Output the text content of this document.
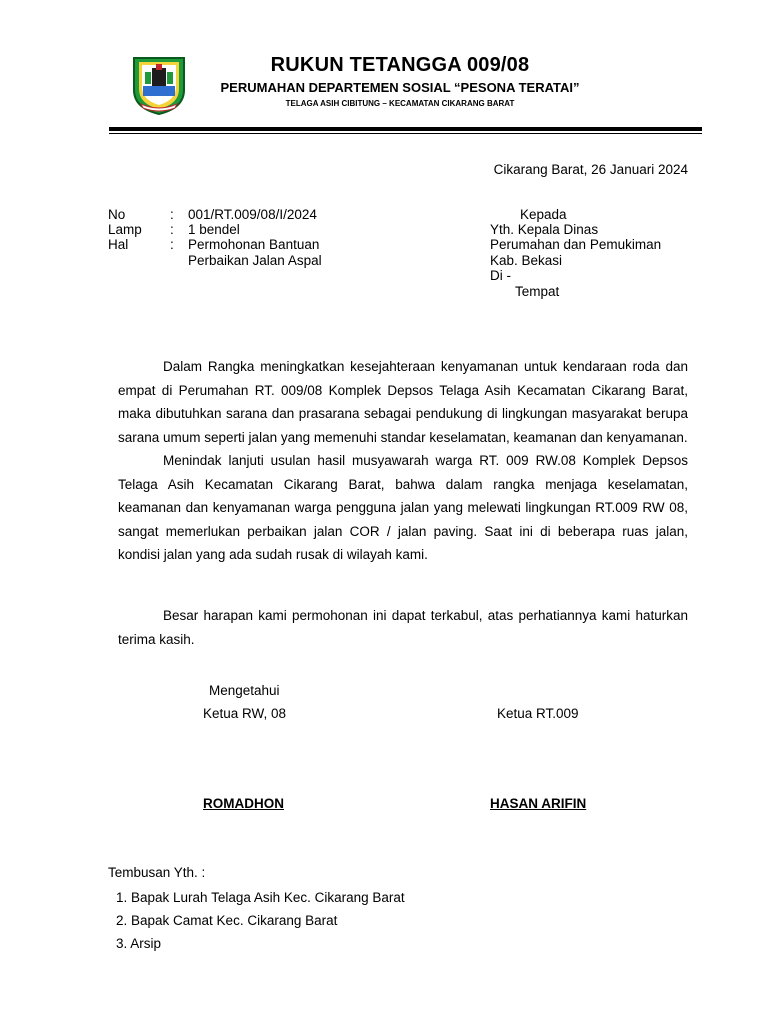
RUKUN TETANGGA 009/08
PERUMAHAN DEPARTEMEN SOSIAL “PESONA TERATAI”
TELAGA ASIH CIBITUNG – KECAMATAN CIKARANG BARAT
Cikarang Barat, 26 Januari 2024
No	: 001/RT.009/08/I/2024
Lamp : 1 bendel
Hal	: Permohonan Bantuan
Perbaikan Jalan Aspal
Kepada
Yth. Kepala Dinas
Perumahan dan Pemukiman
Kab. Bekasi
Di -
Tempat

Dalam Rangka meningkatkan kesejahteraan kenyamanan untuk kendaraan roda dan empat di Perumahan RT. 009/08 Komplek Depsos Telaga Asih Kecamatan Cikarang Barat, maka dibutuhkan sarana dan prasarana sebagai pendukung di lingkungan masyarakat berupa sarana umum seperti jalan yang memenuhi standar keselamatan, keamanan dan kenyamanan.

Menindak lanjuti usulan hasil musyawarah warga RT. 009 RW.08 Komplek Depsos Telaga Asih Kecamatan Cikarang Barat, bahwa dalam rangka menjaga keselamatan, keamanan dan kenyamanan warga pengguna jalan yang melewati lingkungan RT.009 RW 08, sangat memerlukan perbaikan jalan COR / jalan paving. Saat ini di beberapa ruas jalan, kondisi jalan yang ada sudah rusak di wilayah kami.

Besar harapan kami permohonan ini dapat terkabul, atas perhatiannya kami haturkan terima kasih.

Mengetahui
Ketua RW, 08	Ketua RT.009
ROMADHON	HASAN ARIFIN
Tembusan Yth. :
1. Bapak Lurah Telaga Asih Kec. Cikarang Barat
2. Bapak Camat Kec. Cikarang Barat
3. Arsip
